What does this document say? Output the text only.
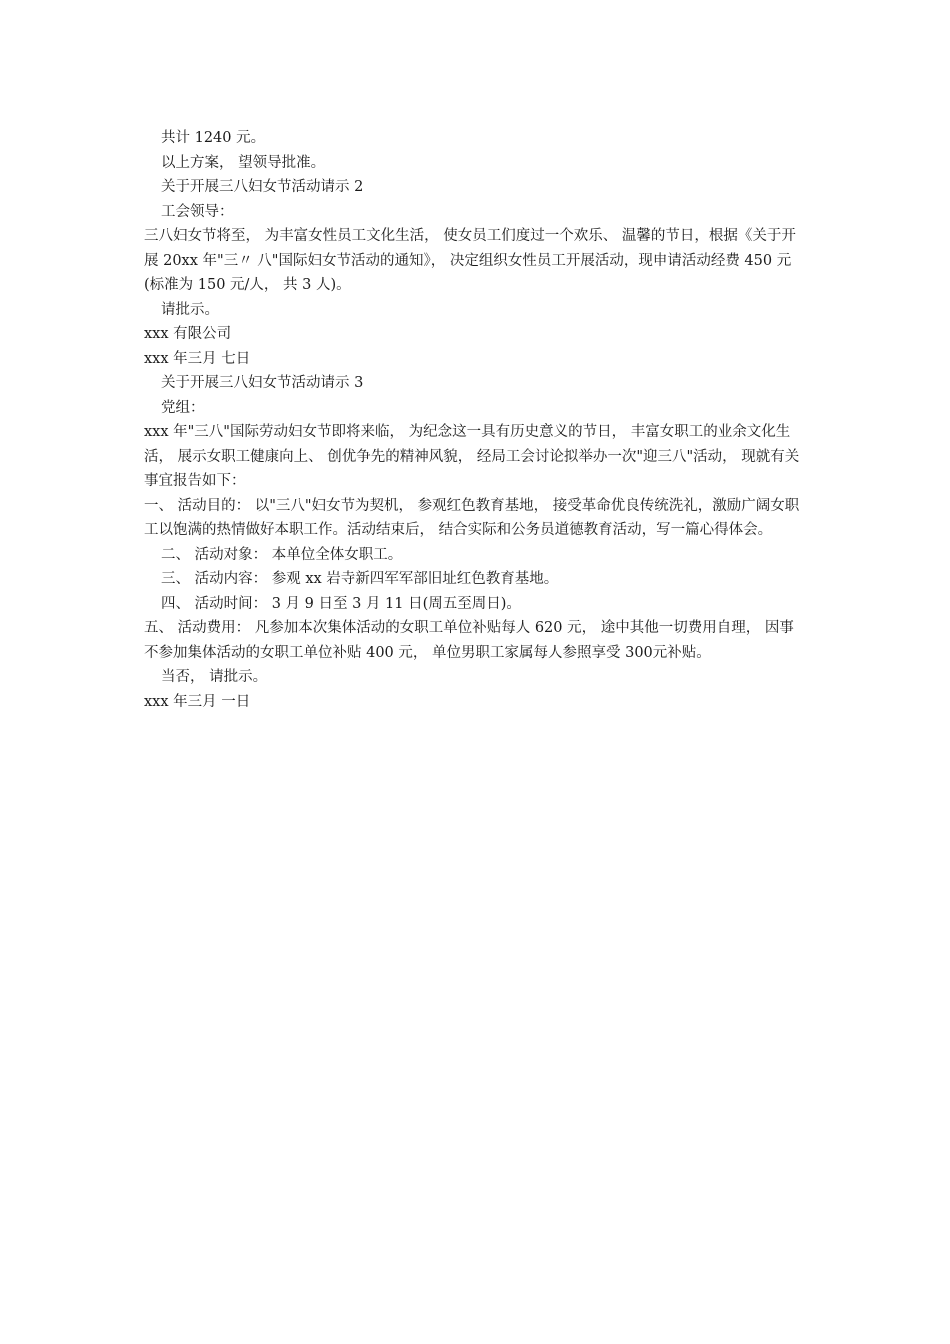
共计 1240 元。

以上方案， 望领导批准。

关于开展三八妇女节活动请示 2

工会领导：

三八妇女节将至， 为丰富女性员工文化生活， 使女员工们度过一个欢乐、 温馨的节日，根据《关于开展 20xx 年"三〃 八"国际妇女节活动的通知》， 决定组织女性员工开展活动，现申请活动经费 450 元(标准为 150 元/人， 共 3 人)。

请批示。

xxx 有限公司

xxx 年三月 七日

关于开展三八妇女节活动请示 3

党组：

xxx 年"三八"国际劳动妇女节即将来临， 为纪念这一具有历史意义的节日， 丰富女职工的业余文化生活， 展示女职工健康向上、 创优争先的精神风貌， 经局工会讨论拟举办一次"迎三八"活动， 现就有关事宜报告如下：

一、 活动目的： 以"三八"妇女节为契机， 参观红色教育基地， 接受革命优良传统洗礼，激励广阔女职工以饱满的热情做好本职工作。活动结束后， 结合实际和公务员道德教育活动，写一篇心得体会。

二、 活动对象： 本单位全体女职工。

三、 活动内容： 参观 xx 岩寺新四军军部旧址红色教育基地。

四、 活动时间： 3 月 9 日至 3 月 11 日(周五至周日)。

五、 活动费用： 凡参加本次集体活动的女职工单位补贴每人 620 元， 途中其他一切费用自理， 因事不参加集体活动的女职工单位补贴 400 元， 单位男职工家属每人参照享受 300元补贴。

当否， 请批示。

xxx 年三月 一日
